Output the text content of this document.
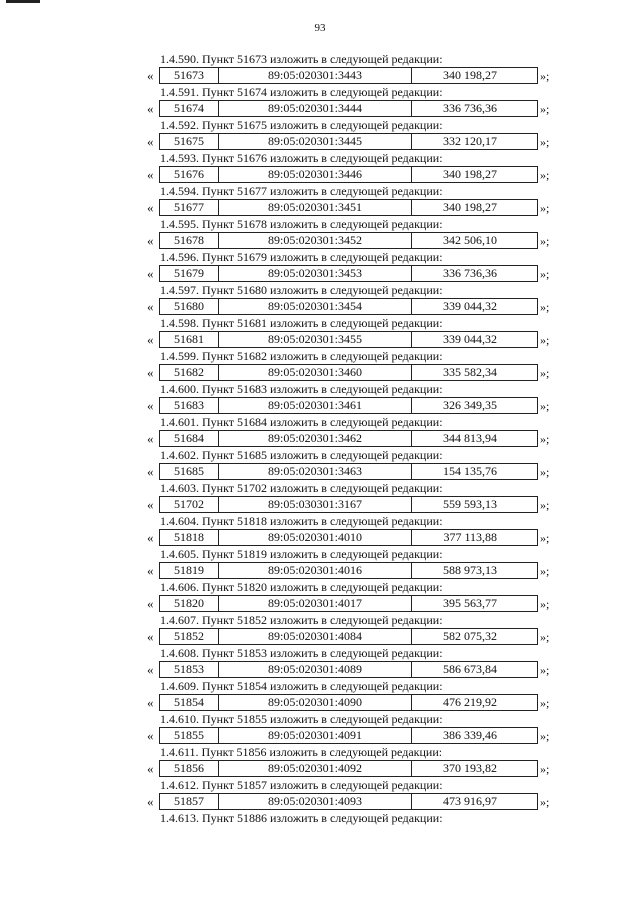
93
1.4.590. Пункт 51673 изложить в следующей редакции:
«	51673	89:05:020301:3443	340 198,27	»;
1.4.591. Пункт 51674 изложить в следующей редакции:
«	51674	89:05:020301:3444	336 736,36	»;
1.4.592. Пункт 51675 изложить в следующей редакции:
«	51675	89:05:020301:3445	332 120,17	»;
1.4.593. Пункт 51676 изложить в следующей редакции:
«	51676	89:05:020301:3446	340 198,27	»;
1.4.594. Пункт 51677 изложить в следующей редакции:
«	51677	89:05:020301:3451	340 198,27	»;
1.4.595. Пункт 51678 изложить в следующей редакции:
«	51678	89:05:020301:3452	342 506,10	»;
1.4.596. Пункт 51679 изложить в следующей редакции:
«	51679	89:05:020301:3453	336 736,36	»;
1.4.597. Пункт 51680 изложить в следующей редакции:
«	51680	89:05:020301:3454	339 044,32	»;
1.4.598. Пункт 51681 изложить в следующей редакции:
«	51681	89:05:020301:3455	339 044,32	»;
1.4.599. Пункт 51682 изложить в следующей редакции:
«	51682	89:05:020301:3460	335 582,34	»;
1.4.600. Пункт 51683 изложить в следующей редакции:
«	51683	89:05:020301:3461	326 349,35	»;
1.4.601. Пункт 51684 изложить в следующей редакции:
«	51684	89:05:020301:3462	344 813,94	»;
1.4.602. Пункт 51685 изложить в следующей редакции:
«	51685	89:05:020301:3463	154 135,76	»;
1.4.603. Пункт 51702 изложить в следующей редакции:
«	51702	89:05:030301:3167	559 593,13	»;
1.4.604. Пункт 51818 изложить в следующей редакции:
«	51818	89:05:020301:4010	377 113,88	»;
1.4.605. Пункт 51819 изложить в следующей редакции:
«	51819	89:05:020301:4016	588 973,13	»;
1.4.606. Пункт 51820 изложить в следующей редакции:
«	51820	89:05:020301:4017	395 563,77	»;
1.4.607. Пункт 51852 изложить в следующей редакции:
«	51852	89:05:020301:4084	582 075,32	»;
1.4.608. Пункт 51853 изложить в следующей редакции:
«	51853	89:05:020301:4089	586 673,84	»;
1.4.609. Пункт 51854 изложить в следующей редакции:
«	51854	89:05:020301:4090	476 219,92	»;
1.4.610. Пункт 51855 изложить в следующей редакции:
«	51855	89:05:020301:4091	386 339,46	»;
1.4.611. Пункт 51856 изложить в следующей редакции:
«	51856	89:05:020301:4092	370 193,82	»;
1.4.612. Пункт 51857 изложить в следующей редакции:
«	51857	89:05:020301:4093	473 916,97	»;
1.4.613. Пункт 51886 изложить в следующей редакции:
